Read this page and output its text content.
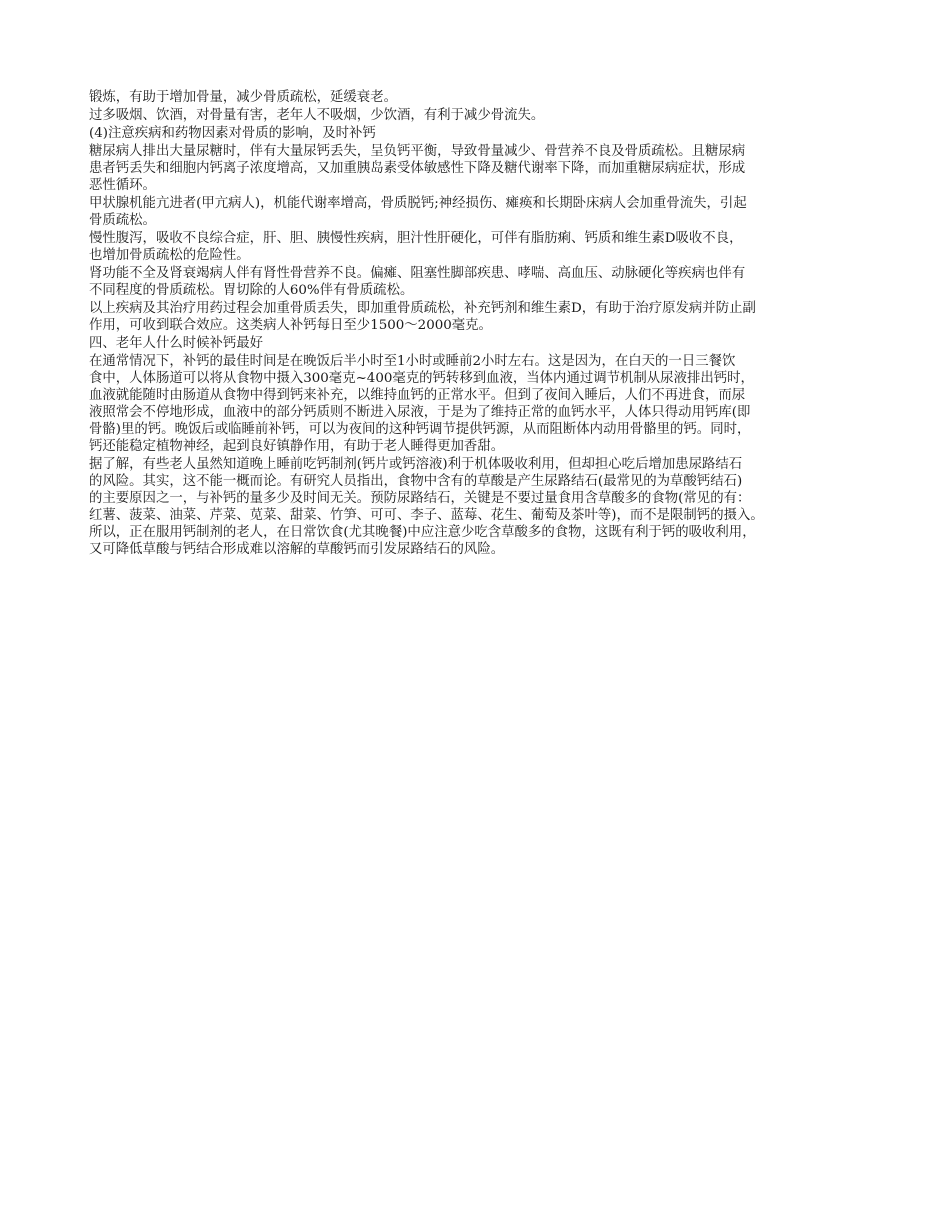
锻炼，有助于增加骨量，减少骨质疏松，延缓衰老。
过多吸烟、饮酒，对骨量有害，老年人不吸烟，少饮酒，有利于减少骨流失。
(4)注意疾病和药物因素对骨质的影响，及时补钙
糖尿病人排出大量尿糖时，伴有大量尿钙丢失，呈负钙平衡，导致骨量减少、骨营养不良及骨质疏松。且糖尿病
患者钙丢失和细胞内钙离子浓度增高，又加重胰岛素受体敏感性下降及糖代谢率下降，而加重糖尿病症状，形成
恶性循环。
甲状腺机能亢进者(甲亢病人)，机能代谢率增高，骨质脱钙;神经损伤、瘫痪和长期卧床病人会加重骨流失，引起
骨质疏松。
慢性腹泻，吸收不良综合症，肝、胆、胰慢性疾病，胆汁性肝硬化，可伴有脂肪痢、钙质和维生素D吸收不良，
也增加骨质疏松的危险性。
肾功能不全及肾衰竭病人伴有肾性骨营养不良。偏瘫、阻塞性脚部疾患、哮喘、高血压、动脉硬化等疾病也伴有
不同程度的骨质疏松。胃切除的人60%伴有骨质疏松。
以上疾病及其治疗用药过程会加重骨质丢失，即加重骨质疏松，补充钙剂和维生素D，有助于治疗原发病并防止副
作用，可收到联合效应。这类病人补钙每日至少1500～2000毫克。
四、老年人什么时候补钙最好
在通常情况下，补钙的最佳时间是在晚饭后半小时至1小时或睡前2小时左右。这是因为，在白天的一日三餐饮
食中，人体肠道可以将从食物中摄入300毫克~400毫克的钙转移到血液，当体内通过调节机制从尿液排出钙时，
血液就能随时由肠道从食物中得到钙来补充，以维持血钙的正常水平。但到了夜间入睡后，人们不再进食，而尿
液照常会不停地形成，血液中的部分钙质则不断进入尿液，于是为了维持正常的血钙水平，人体只得动用钙库(即
骨骼)里的钙。晚饭后或临睡前补钙，可以为夜间的这种钙调节提供钙源，从而阻断体内动用骨骼里的钙。同时，
钙还能稳定植物神经，起到良好镇静作用，有助于老人睡得更加香甜。
据了解，有些老人虽然知道晚上睡前吃钙制剂(钙片或钙溶液)利于机体吸收利用，但却担心吃后增加患尿路结石
的风险。其实，这不能一概而论。有研究人员指出，食物中含有的草酸是产生尿路结石(最常见的为草酸钙结石)
的主要原因之一，与补钙的量多少及时间无关。预防尿路结石，关键是不要过量食用含草酸多的食物(常见的有：
红薯、菠菜、油菜、芹菜、苋菜、甜菜、竹笋、可可、李子、蓝莓、花生、葡萄及茶叶等)，而不是限制钙的摄入。
所以，正在服用钙制剂的老人，在日常饮食(尤其晚餐)中应注意少吃含草酸多的食物，这既有利于钙的吸收利用，
又可降低草酸与钙结合形成难以溶解的草酸钙而引发尿路结石的风险。
